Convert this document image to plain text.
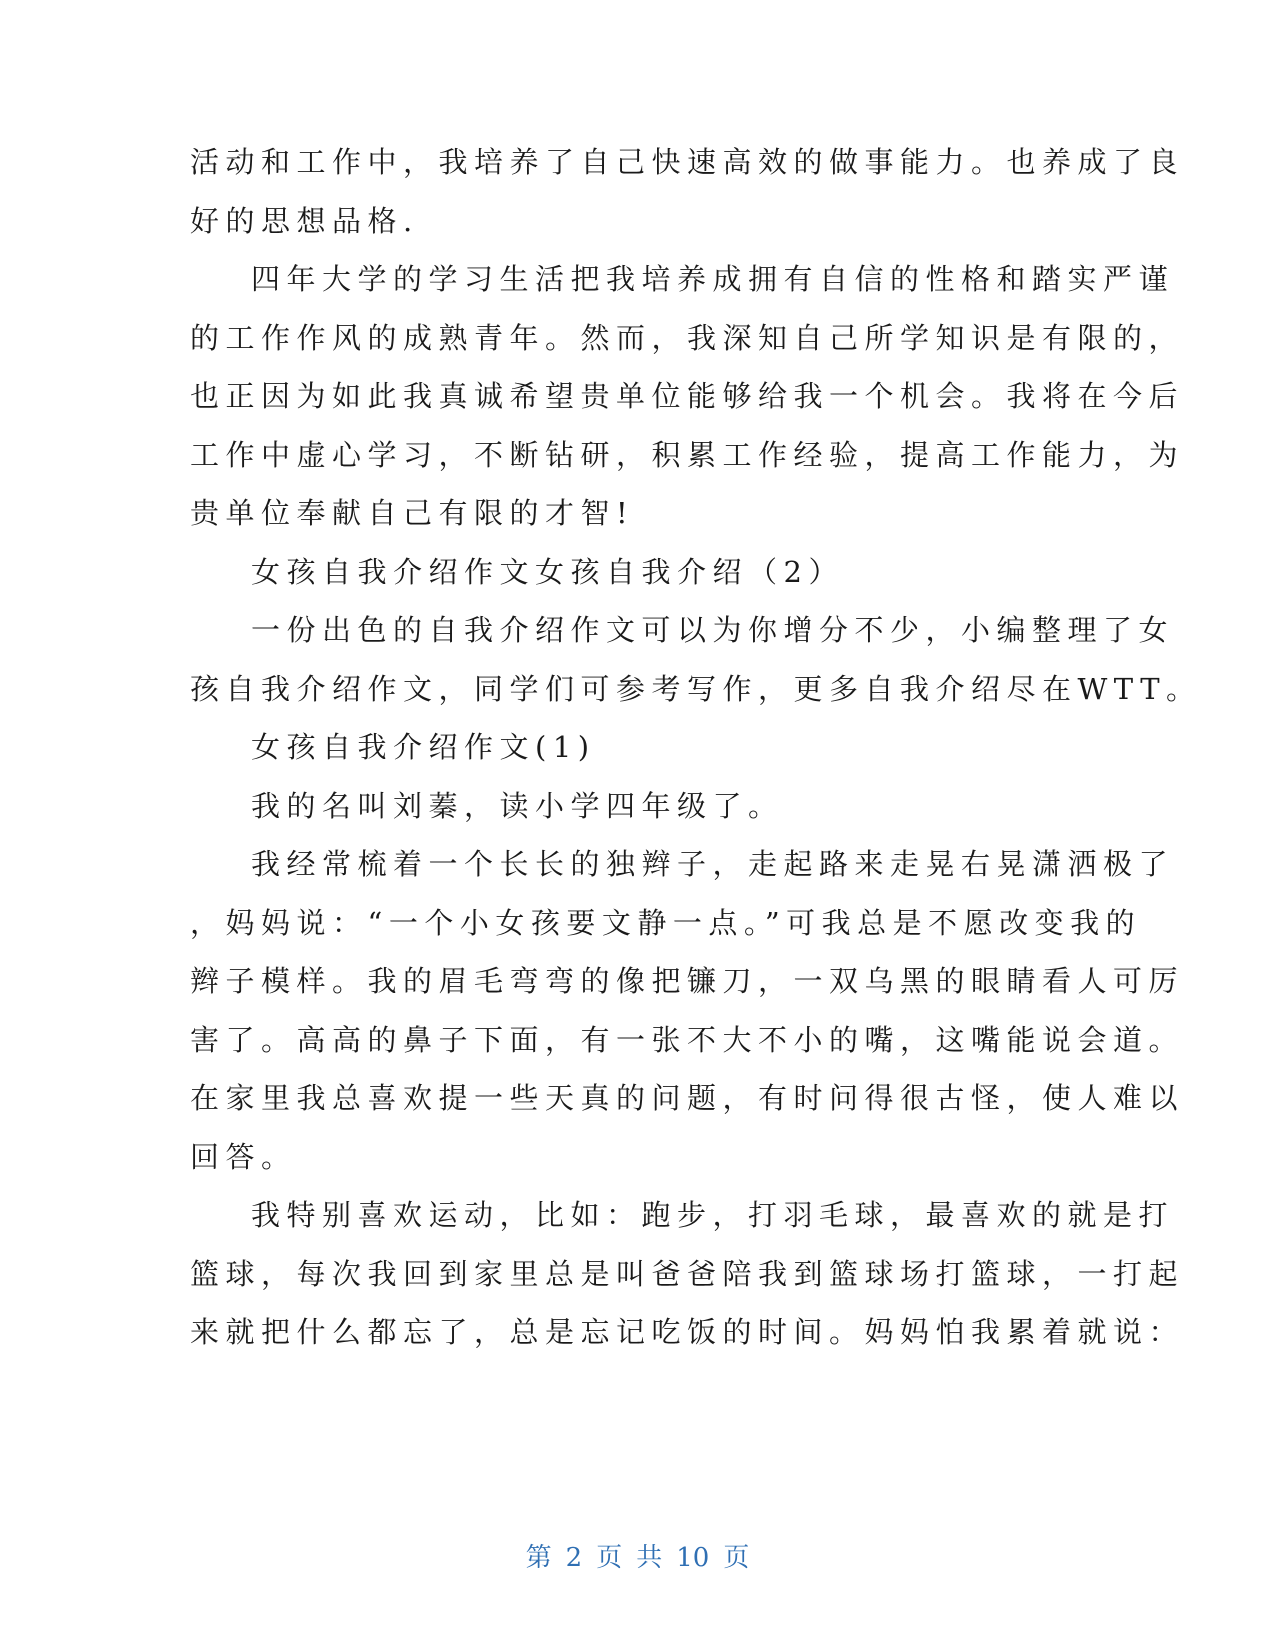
活动和工作中，我培养了自己快速高效的做事能力。也养成了良
好的思想品格.
四年大学的学习生活把我培养成拥有自信的性格和踏实严谨
的工作作风的成熟青年。然而，我深知自己所学知识是有限的，
也正因为如此我真诚希望贵单位能够给我一个机会。我将在今后
工作中虚心学习，不断钻研，积累工作经验，提高工作能力，为
贵单位奉献自己有限的才智!
女孩自我介绍作文女孩自我介绍（2）
一份出色的自我介绍作文可以为你增分不少，小编整理了女
孩自我介绍作文，同学们可参考写作，更多自我介绍尽在WTT。
女孩自我介绍作文(1)
我的名叫刘蓁，读小学四年级了。
我经常梳着一个长长的独辫子，走起路来走晃右晃潇洒极了
，妈妈说：“一个小女孩要文静一点。”可我总是不愿改变我的
辫子模样。我的眉毛弯弯的像把镰刀，一双乌黑的眼睛看人可厉
害了。高高的鼻子下面，有一张不大不小的嘴，这嘴能说会道。
在家里我总喜欢提一些天真的问题，有时问得很古怪，使人难以
回答。
我特别喜欢运动，比如：跑步，打羽毛球，最喜欢的就是打
篮球，每次我回到家里总是叫爸爸陪我到篮球场打篮球，一打起
来就把什么都忘了，总是忘记吃饭的时间。妈妈怕我累着就说：
第 2 页 共 10 页
